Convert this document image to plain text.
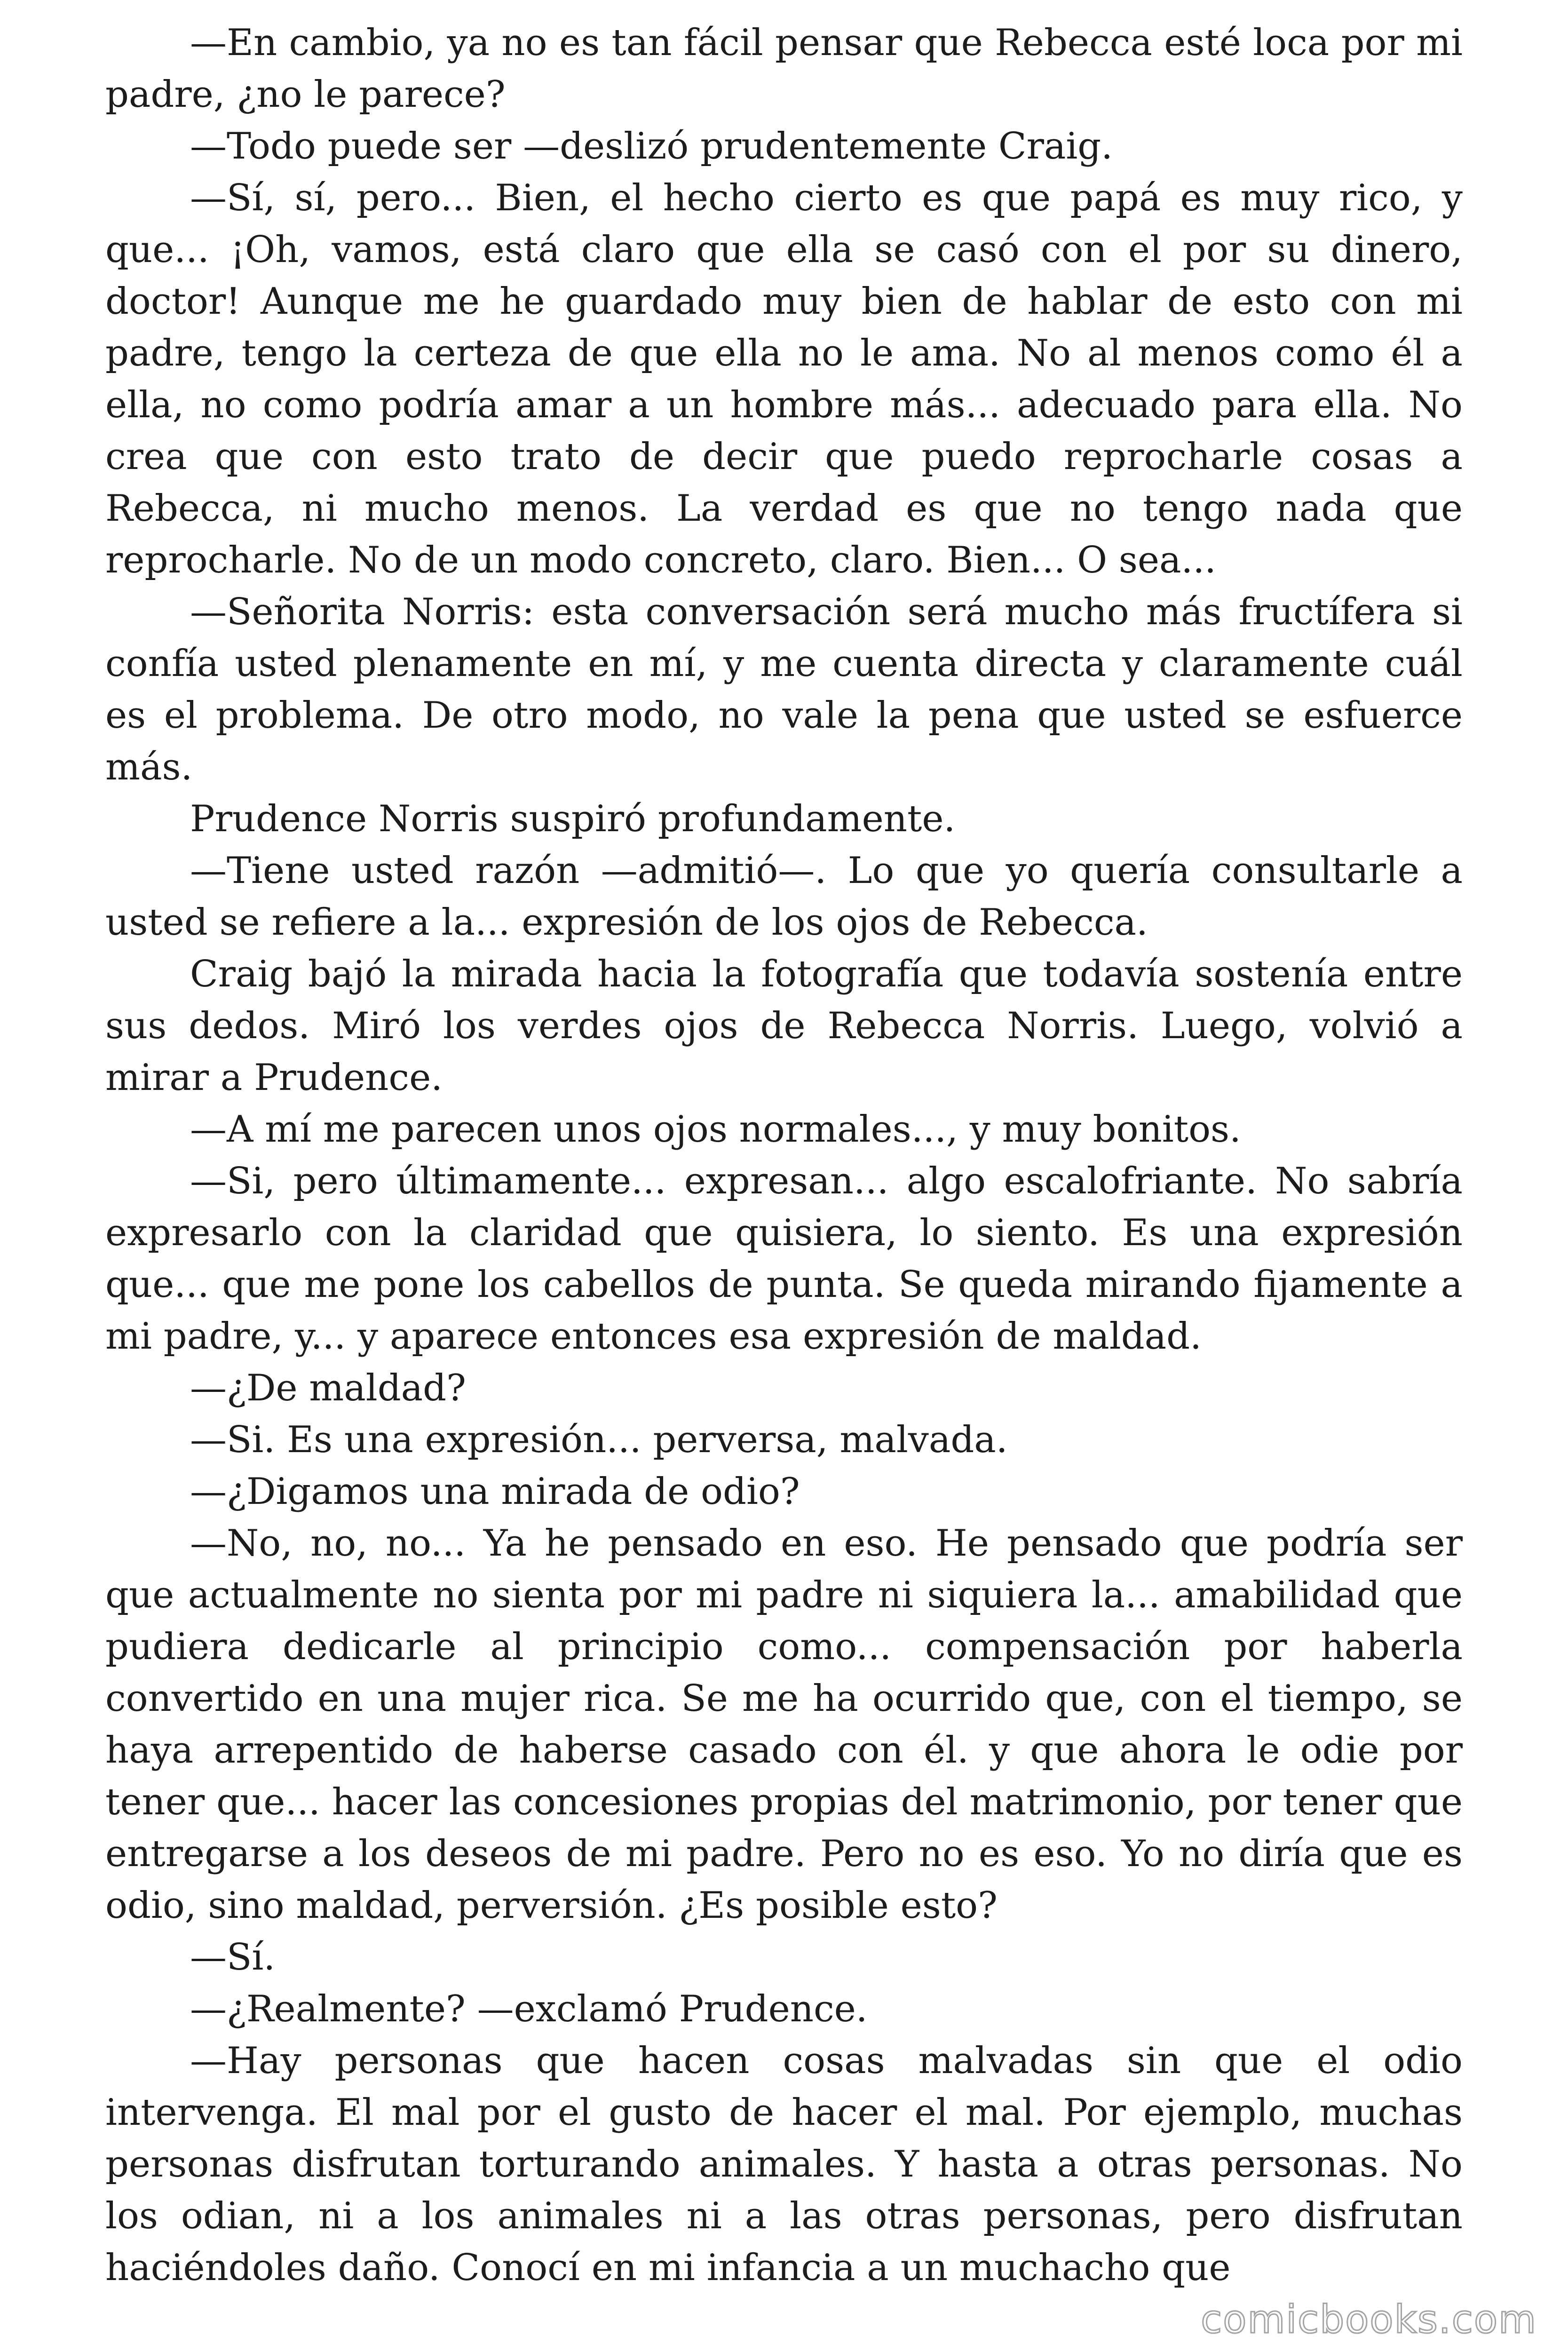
—En cambio, ya no es tan fácil pensar que Rebecca esté loca por mi padre, ¿no le parece?

—Todo puede ser —deslizó prudentemente Craig.

—Sí, sí, pero... Bien, el hecho cierto es que papá es muy rico, y que... ¡Oh, vamos, está claro que ella se casó con el por su dinero, doctor! Aunque me he guardado muy bien de hablar de esto con mi padre, tengo la certeza de que ella no le ama. No al menos como él a ella, no como podría amar a un hombre más... adecuado para ella. No crea que con esto trato de decir que puedo reprocharle cosas a Rebecca, ni mucho menos. La verdad es que no tengo nada que reprocharle. No de un modo concreto, claro. Bien... O sea...

—Señorita Norris: esta conversación será mucho más fructífera si confía usted plenamente en mí, y me cuenta directa y claramente cuál es el problema. De otro modo, no vale la pena que usted se esfuerce más.

Prudence Norris suspiró profundamente.

—Tiene usted razón —admitió—. Lo que yo quería consultarle a usted se refiere a la... expresión de los ojos de Rebecca.

Craig bajó la mirada hacia la fotografía que todavía sostenía entre sus dedos. Miró los verdes ojos de Rebecca Norris. Luego, volvió a mirar a Prudence.

—A mí me parecen unos ojos normales..., y muy bonitos.

—Si, pero últimamente... expresan... algo escalofriante. No sabría expresarlo con la claridad que quisiera, lo siento. Es una expresión que... que me pone los cabellos de punta. Se queda mirando fijamente a mi padre, y... y aparece entonces esa expresión de maldad.

—¿De maldad?

—Si. Es una expresión... perversa, malvada.

—¿Digamos una mirada de odio?

—No, no, no... Ya he pensado en eso. He pensado que podría ser que actualmente no sienta por mi padre ni siquiera la... amabilidad que pudiera dedicarle al principio como... compensación por haberla convertido en una mujer rica. Se me ha ocurrido que, con el tiempo, se haya arrepentido de haberse casado con él. y que ahora le odie por tener que... hacer las concesiones propias del matrimonio, por tener que entregarse a los deseos de mi padre. Pero no es eso. Yo no diría que es odio, sino maldad, perversión. ¿Es posible esto?

—Sí.

—¿Realmente? —exclamó Prudence.

—Hay personas que hacen cosas malvadas sin que el odio intervenga. El mal por el gusto de hacer el mal. Por ejemplo, muchas personas disfrutan torturando animales. Y hasta a otras personas. No los odian, ni a los animales ni a las otras personas, pero disfrutan haciéndoles daño. Conocí en mi infancia a un muchacho que

comicbooks.com
